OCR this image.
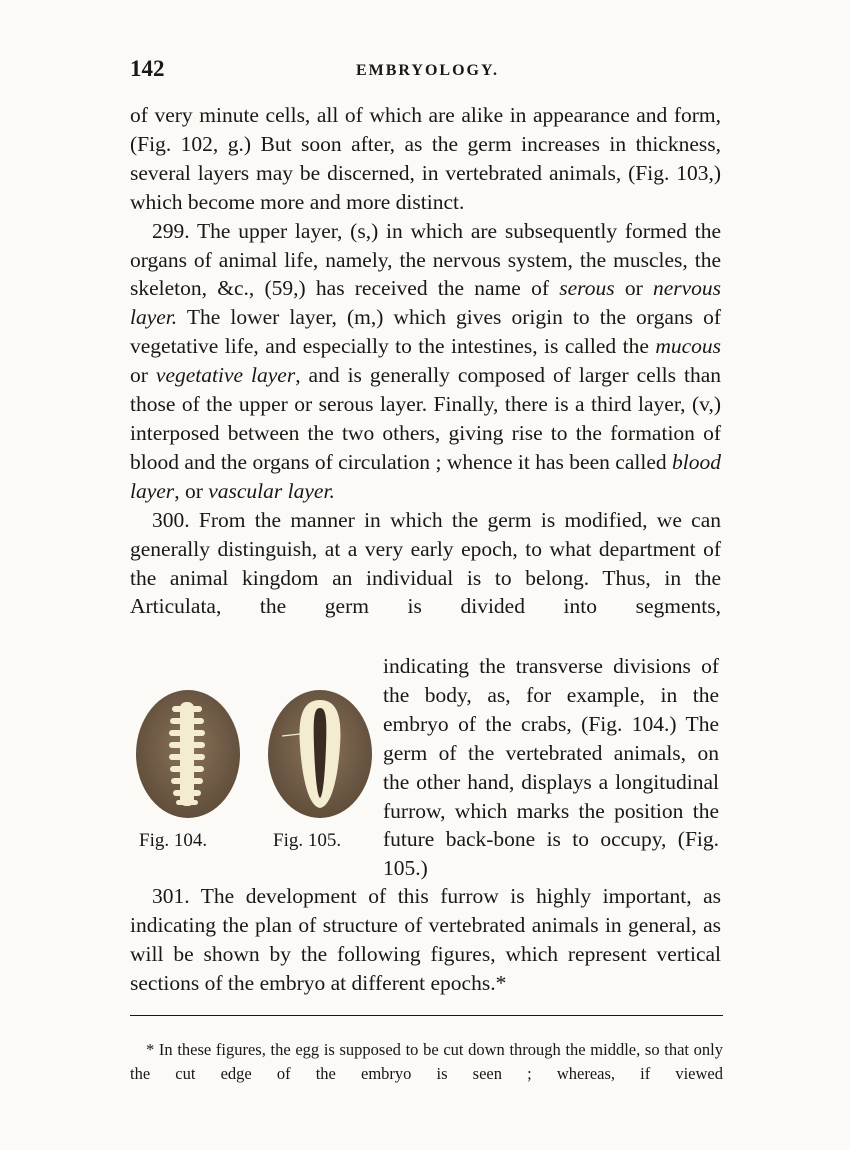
142	EMBRYOLOGY.

of very minute cells, all of which are alike in appearance and form, (Fig. 102, g.) But soon after, as the germ increases in thickness, several layers may be discerned, in vertebrated animals, (Fig. 103,) which become more and more distinct.

299. The upper layer, (s,) in which are subsequently formed the organs of animal life, namely, the nervous system, the muscles, the skeleton, &c., (59,) has received the name of serous or nervous layer. The lower layer, (m,) which gives origin to the organs of vegetative life, and especially to the intestines, is called the mucous or vegetative layer, and is generally composed of larger cells than those of the upper or serous layer. Finally, there is a third layer, (v,) interposed between the two others, giving rise to the formation of blood and the organs of circulation ; whence it has been called blood layer, or vascular layer.

300. From the manner in which the germ is modified, we can generally distinguish, at a very early epoch, to what department of the animal kingdom an individual is to belong. Thus, in the Articulata, the germ is divided into segments,

indicating the transverse divisions of the body, as, for example, in the embryo of the crabs, (Fig. 104.) The germ of the vertebrated animals, on the other hand, displays a longitudinal furrow, which marks the position the future back-bone is to occupy, (Fig. 105.)

Fig. 104.	Fig. 105.

301. The development of this furrow is highly important, as indicating the plan of structure of vertebrated animals in general, as will be shown by the following figures, which represent vertical sections of the embryo at different epochs.*

* In these figures, the egg is supposed to be cut down through the middle, so that only the cut edge of the embryo is seen ; whereas, if viewed
